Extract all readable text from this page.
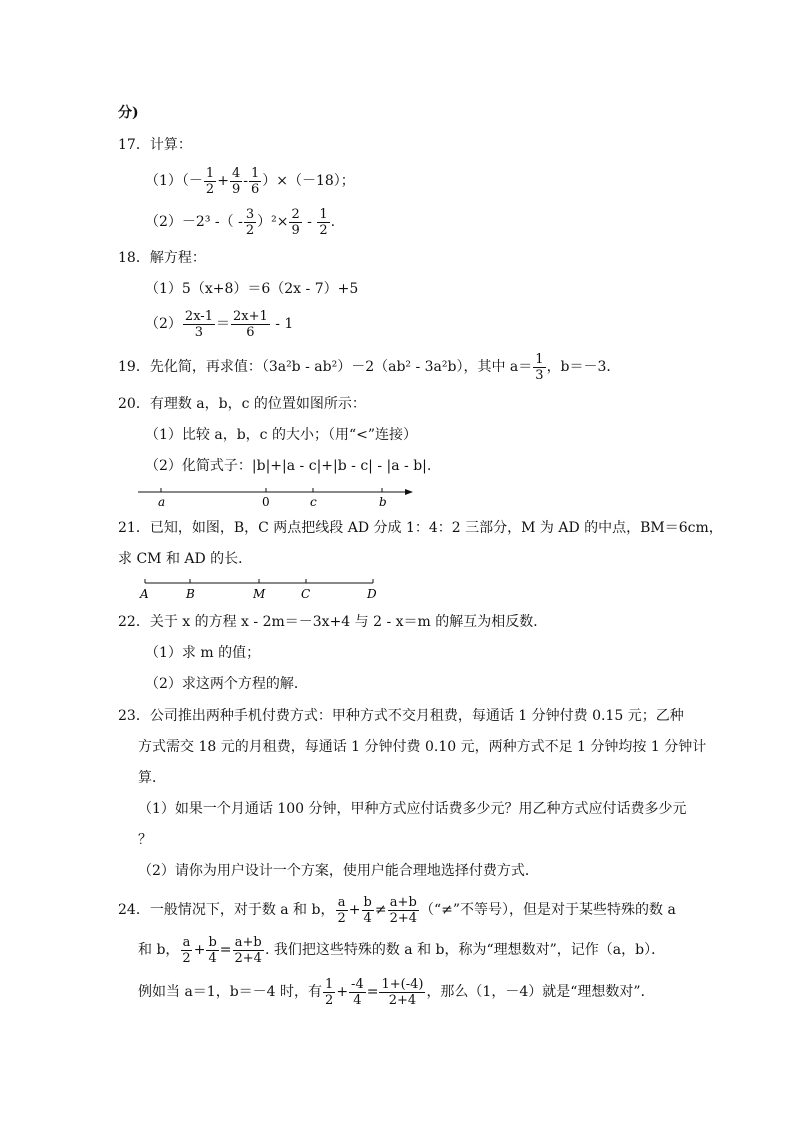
分)
17．计算：
$(1)(- \frac{1}{2} + \frac{4}{9} - \frac{1}{6} )\times(-18)$；
（2）－2³ -（ - $\frac{3}{2} )^2\times \frac{2}{9} - \frac{1}{2}$ .
18．解方程：
（1）5（x+8）＝6（2x - 7）+5
$(2) \frac{2x-1}{3} = \frac{2x+1}{6} - 1$
19．先化简，再求值：（3a²b - ab²）－2（ab² - 3a²b），其中 $a= \frac{1}{3}$ ，b＝－3．
20．有理数 a，b，c 的位置如图所示：
（1）比较 a，b，c 的大小；（用“<”连接）
（2）化简式子：|b|+|a - c|+|b - c| - |a - b|.
a	0	c	b
21．已知，如图，B，C 两点把线段 AD 分成 1：4：2 三部分，M 为 AD 的中点，BM＝6cm，
求 CM 和 AD 的长．
A	B	M	C	D
22．关于 x 的方程 x - 2m＝－3x+4 与 2 - x＝m 的解互为相反数．
（1）求 m 的值；
（2）求这两个方程的解．
23．公司推出两种手机付费方式：甲种方式不交月租费，每通话 1 分钟付费 0.15 元；乙种
方式需交 18 元的月租费，每通话 1 分钟付费 0.10 元，两种方式不足 1 分钟均按 1 分钟计
算．
（1）如果一个月通话 100 分钟，甲种方式应付话费多少元？用乙种方式应付话费多少元
？
（2）请你为用户设计一个方案，使用户能合理地选择付费方式．
24．一般情况下，对于数 a 和 b， $\frac{a}{2} + \frac{b}{4} \ne \frac{a+b}{2+4}$ （“≠”不等号），但是对于某些特殊的数 a
和 b， $\frac{a}{2} + \frac{b}{4} = \frac{a+b}{2+4}$ . 我们把这些特殊的数 a 和 b，称为“理想数对”，记作（a，b）．
例如当 a＝1，b＝－4 时，有 $\frac{1}{2} + \frac{-4}{4} = \frac{1+(-4)}{2+4}$ ，那么（1，－4）就是“理想数对”．
